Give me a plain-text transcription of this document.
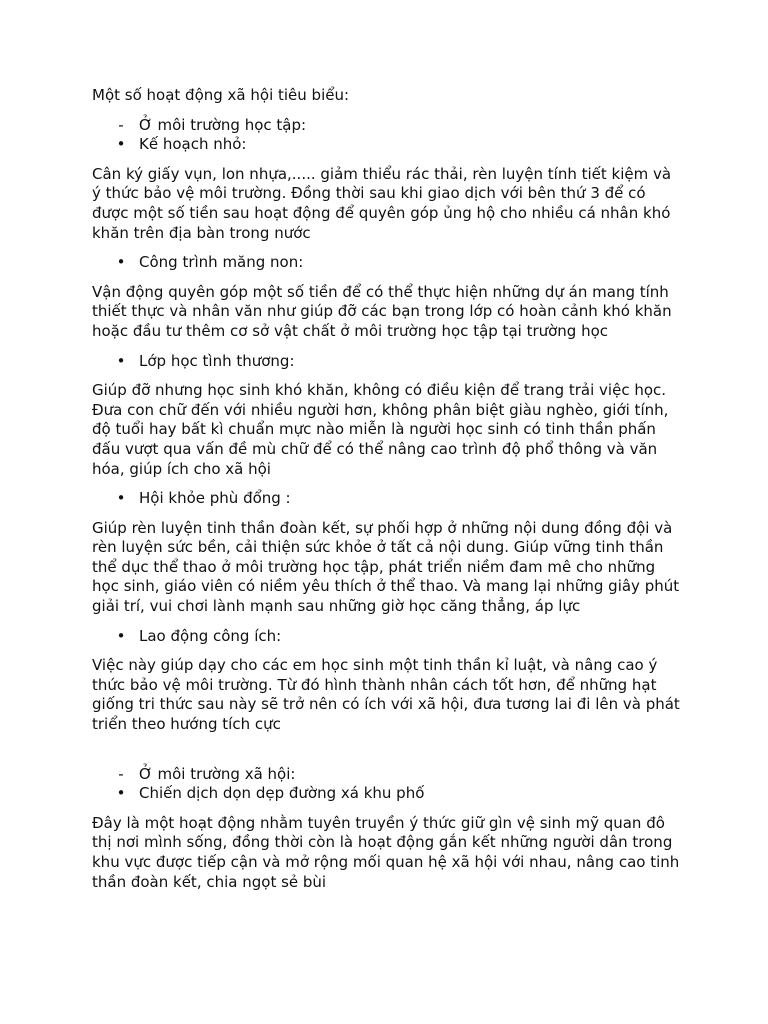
Một số hoạt động xã hội tiêu biểu:

- Ở môi trường học tập:
• Kế hoạch nhỏ:

Cân ký giấy vụn, lon nhựa,..... giảm thiểu rác thải, rèn luyện tính tiết kiệm và ý thức bảo vệ môi trường. Đồng thời sau khi giao dịch với bên thứ 3 để có được một số tiền sau hoạt động để quyên góp ủng hộ cho nhiều cá nhân khó khăn trên địa bàn trong nước

• Công trình măng non:

Vận động quyên góp một số tiền để có thể thực hiện những dự án mang tính thiết thực và nhân văn như giúp đỡ các bạn trong lớp có hoàn cảnh khó khăn hoặc đầu tư thêm cơ sở vật chất ở môi trường học tập tại trường học

• Lớp học tình thương:

Giúp đỡ nhưng học sinh khó khăn, không có điều kiện để trang trải việc học. Đưa con chữ đến với nhiều người hơn, không phân biệt giàu nghèo, giới tính, độ tuổi hay bất kì chuẩn mực nào miễn là người học sinh có tinh thần phấn đấu vượt qua vấn đề mù chữ để có thể nâng cao trình độ phổ thông và văn hóa, giúp ích cho xã hội

• Hội khỏe phù đổng :

Giúp rèn luyện tinh thần đoàn kết, sự phối hợp ở những nội dung đồng đội và rèn luyện sức bền, cải thiện sức khỏe ở tất cả nội dung. Giúp vững tinh thần thể dục thể thao ở môi trường học tập, phát triển niềm đam mê cho những học sinh, giáo viên có niềm yêu thích ở thể thao. Và mang lại những giây phút giải trí, vui chơi lành mạnh sau những giờ học căng thẳng, áp lực

• Lao động công ích:

Việc này giúp dạy cho các em học sinh một tinh thần kỉ luật, và nâng cao ý thức bảo vệ môi trường. Từ đó hình thành nhân cách tốt hơn, để những hạt giống tri thức sau này sẽ trở nên có ích với xã hội, đưa tương lai đi lên và phát triển theo hướng tích cực

- Ở môi trường xã hội:
• Chiến dịch dọn dẹp đường xá khu phố

Đây là một hoạt động nhằm tuyên truyền ý thức giữ gìn vệ sinh mỹ quan đô thị nơi mình sống, đồng thời còn là hoạt động gắn kết những người dân trong khu vực được tiếp cận và mở rộng mối quan hệ xã hội với nhau, nâng cao tinh thần đoàn kết, chia ngọt sẻ bùi
